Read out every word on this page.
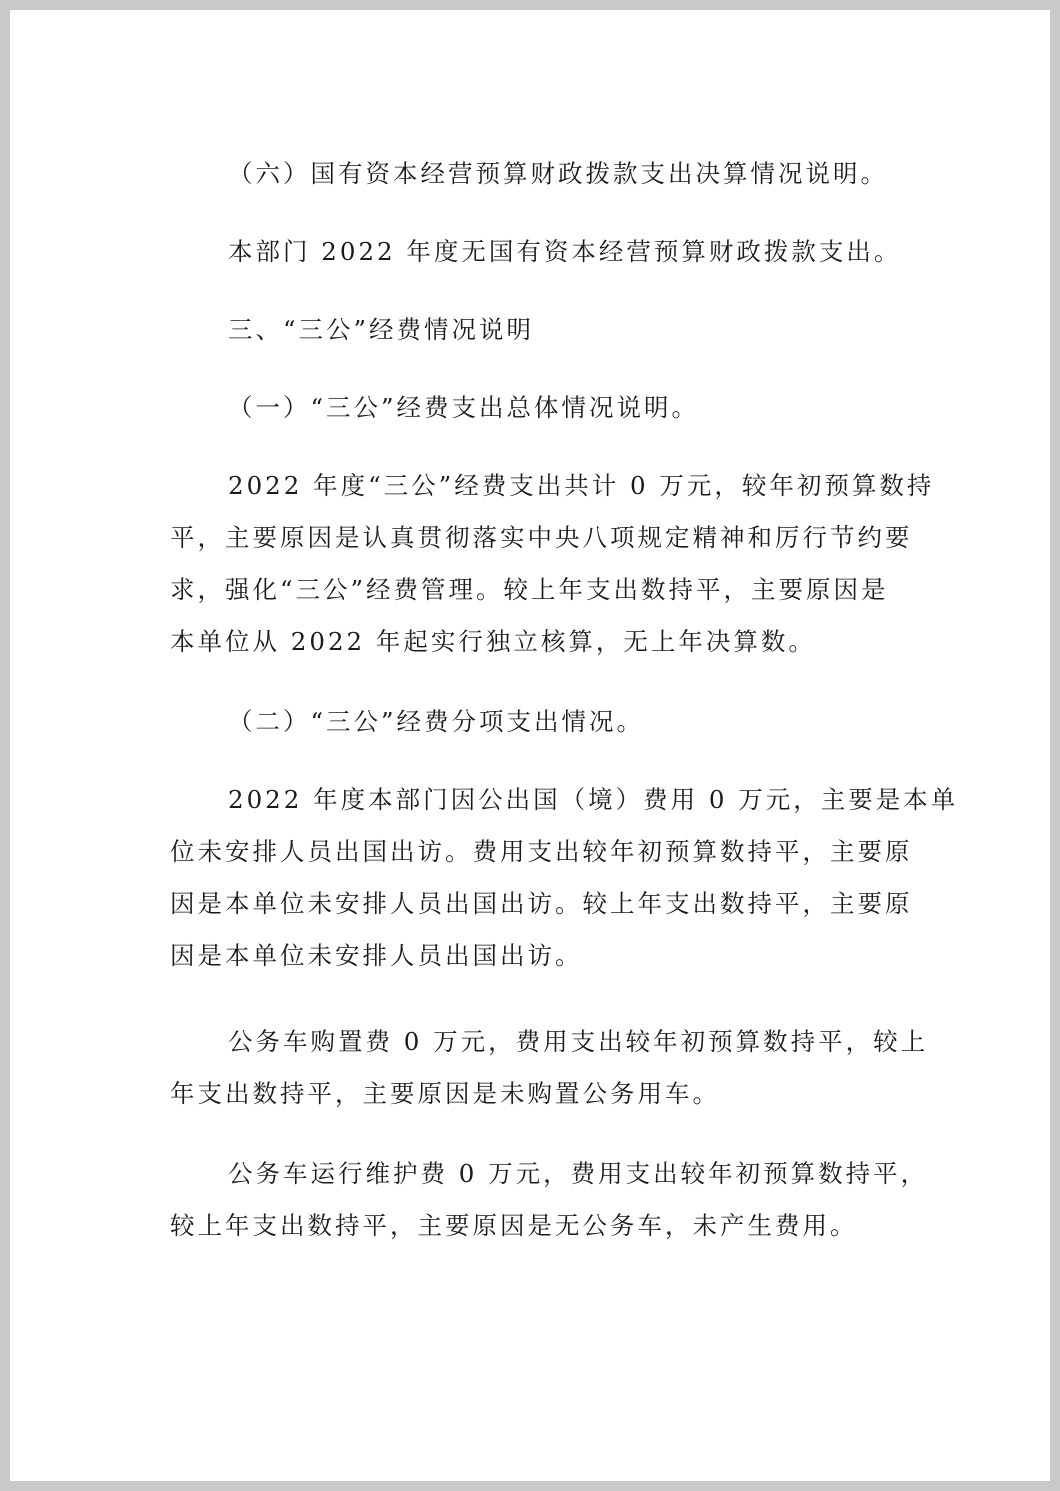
（六）国有资本经营预算财政拨款支出决算情况说明。

本部门 2022 年度无国有资本经营预算财政拨款支出。

三、“三公”经费情况说明

（一）“三公”经费支出总体情况说明。

2022 年度“三公”经费支出共计 0 万元，较年初预算数持

平，主要原因是认真贯彻落实中央八项规定精神和厉行节约要

求，强化“三公”经费管理。较上年支出数持平，主要原因是

本单位从 2022 年起实行独立核算，无上年决算数。

（二）“三公”经费分项支出情况。

2022 年度本部门因公出国（境）费用 0 万元，主要是本单

位未安排人员出国出访。费用支出较年初预算数持平，主要原

因是本单位未安排人员出国出访。较上年支出数持平，主要原

因是本单位未安排人员出国出访。

公务车购置费 0 万元，费用支出较年初预算数持平，较上

年支出数持平，主要原因是未购置公务用车。

公务车运行维护费 0 万元，费用支出较年初预算数持平，

较上年支出数持平，主要原因是无公务车，未产生费用。
